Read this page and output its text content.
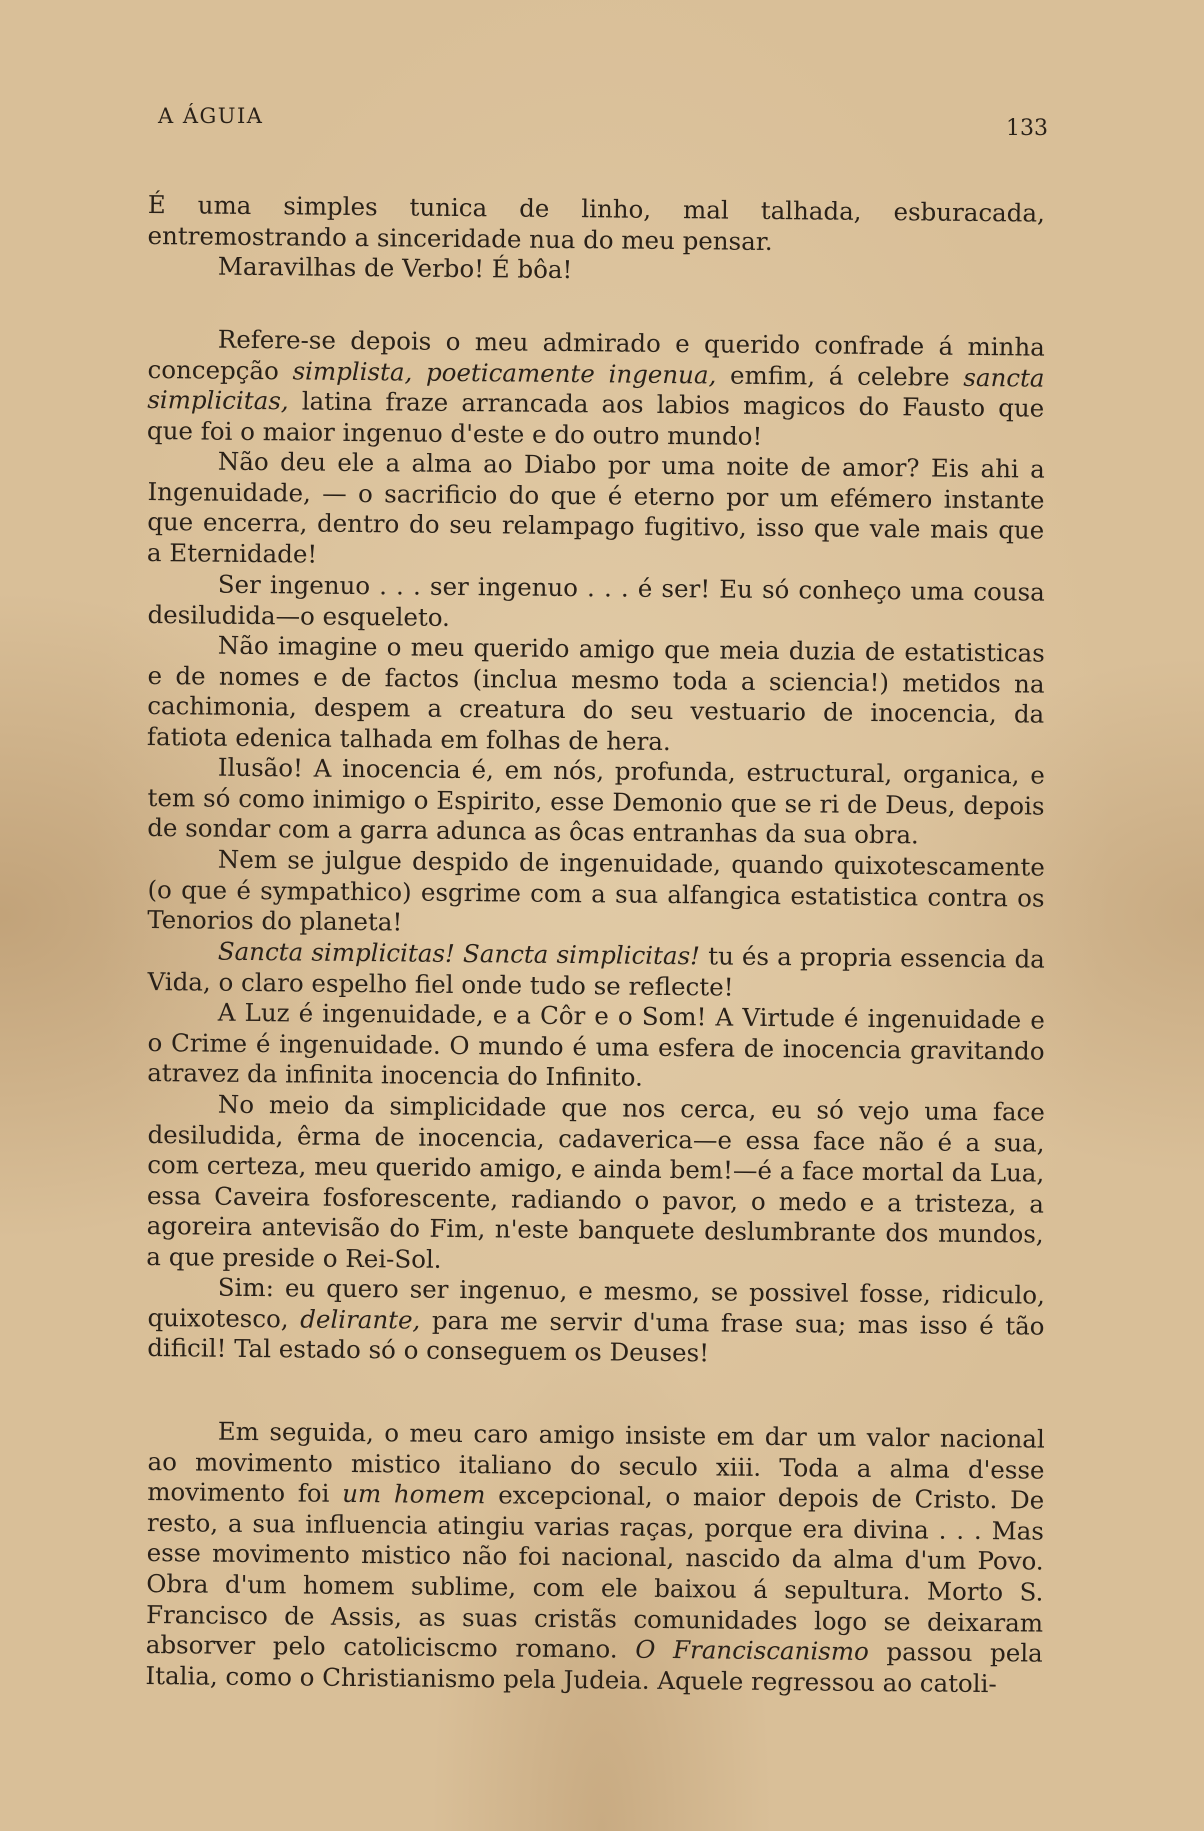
A ÁGUIA	133

É uma simples tunica de linho, mal talhada, esburacada, entremostrando a sinceridade nua do meu pensar.

Maravilhas de Verbo! É bôa!

Refere-se depois o meu admirado e querido confrade á minha concepção simplista, poeticamente ingenua, emfim, á celebre sancta simplicitas, latina fraze arrancada aos labios magicos do Fausto que que foi o maior ingenuo d'este e do outro mundo!

Não deu ele a alma ao Diabo por uma noite de amor? Eis ahi a Ingenuidade, — o sacrificio do que é eterno por um efémero instante que encerra, dentro do seu relampago fugitivo, isso que vale mais que a Eternidade!

Ser ingenuo . . . ser ingenuo . . . é ser! Eu só conheço uma cousa desiludida—o esqueleto.

Não imagine o meu querido amigo que meia duzia de estatisticas e de nomes e de factos (inclua mesmo toda a sciencia!) metidos na cachimonia, despem a creatura do seu vestuario de inocencia, da fatiota edenica talhada em folhas de hera.

Ilusão! A inocencia é, em nós, profunda, estructural, organica, e tem só como inimigo o Espirito, esse Demonio que se ri de Deus, depois de sondar com a garra adunca as ôcas entranhas da sua obra.

Nem se julgue despido de ingenuidade, quando quixotescamente (o que é sympathico) esgrime com a sua alfangica estatistica contra os Tenorios do planeta!

Sancta simplicitas! Sancta simplicitas! tu és a propria essencia da Vida, o claro espelho fiel onde tudo se reflecte!

A Luz é ingenuidade, e a Côr e o Som! A Virtude é ingenuidade e o Crime é ingenuidade. O mundo é uma esfera de inocencia gravitando atravez da infinita inocencia do Infinito.

No meio da simplicidade que nos cerca, eu só vejo uma face desiludida, êrma de inocencia, cadaverica—e essa face não é a sua, com certeza, meu querido amigo, e ainda bem!—é a face mortal da Lua, essa Caveira fosforescente, radiando o pavor, o medo e a tristeza, a agoreira antevisão do Fim, n'este banquete deslumbrante dos mundos, a que preside o Rei-Sol.

Sim: eu quero ser ingenuo, e mesmo, se possivel fosse, ridiculo, quixotesco, delirante, para me servir d'uma frase sua; mas isso é tão dificil! Tal estado só o conseguem os Deuses!

Em seguida, o meu caro amigo insiste em dar um valor nacional ao movimento mistico italiano do seculo xiii. Toda a alma d'esse movimento foi um homem excepcional, o maior depois de Cristo. De resto, a sua influencia atingiu varias raças, porque era divina . . . Mas esse movimento mistico não foi nacional, nascido da alma d'um Povo. Obra d'um homem sublime, com ele baixou á sepultura. Morto S. Francisco de Assis, as suas cristãs comunidades logo se deixaram absorver pelo catoliciscmo romano. O Franciscanismo passou pela Italia, como o Christianismo pela Judeia. Aquele regressou ao catoli-
